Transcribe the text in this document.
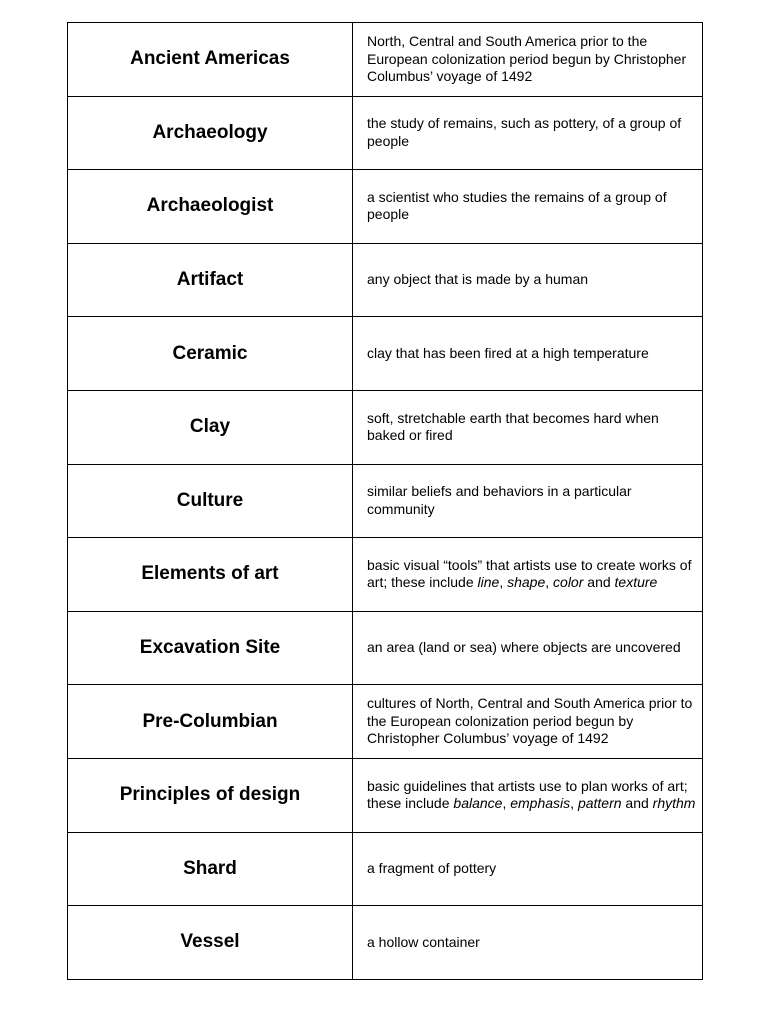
Ancient Americas	North, Central and South America prior to the European colonization period begun by Christopher Columbus’ voyage of 1492
Archaeology	the study of remains, such as pottery, of a group of people
Archaeologist	a scientist who studies the remains of a group of people
Artifact	any object that is made by a human
Ceramic	clay that has been fired at a high temperature
Clay	soft, stretchable earth that becomes hard when baked or fired
Culture	similar beliefs and behaviors in a particular community
Elements of art	basic visual “tools” that artists use to create works of art; these include line, shape, color and texture
Excavation Site	an area (land or sea) where objects are uncovered
Pre-Columbian	cultures of North, Central and South America prior to the European colonization period begun by Christopher Columbus’ voyage of 1492
Principles of design	basic guidelines that artists use to plan works of art; these include balance, emphasis, pattern and rhythm
Shard	a fragment of pottery
Vessel	a hollow container
